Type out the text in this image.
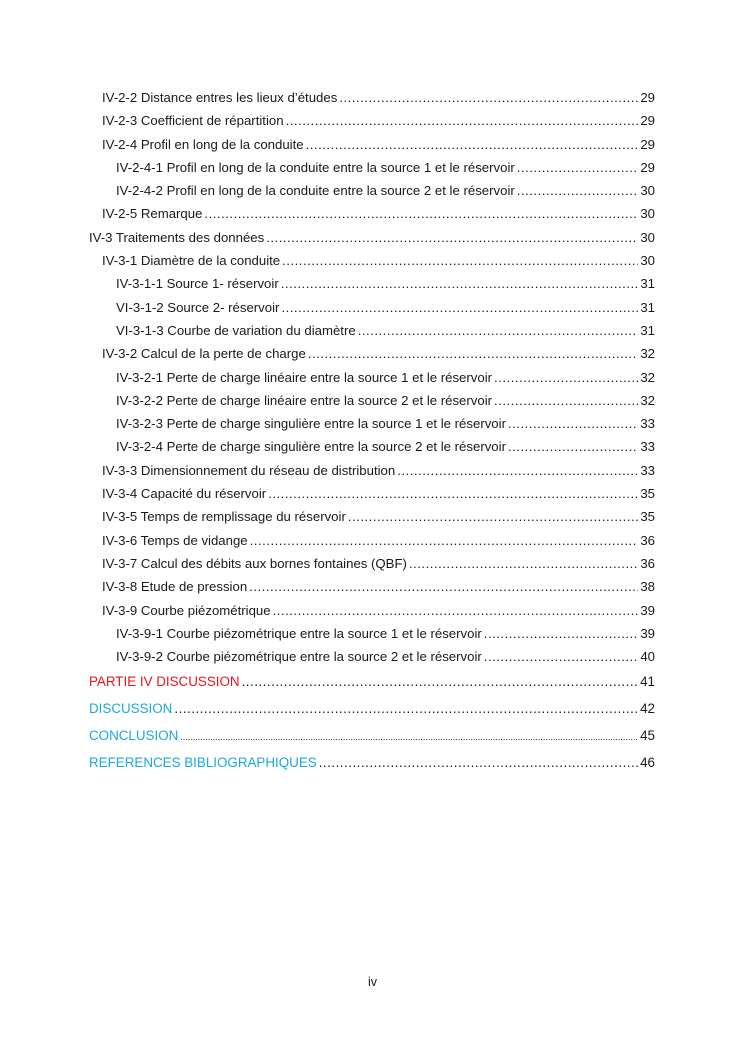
IV-2-2 Distance entres les lieux d’études .....	29
IV-2-3 Coefficient de répartition .....	29
IV-2-4 Profil en long de la conduite .....	29
IV-2-4-1 Profil en long de la conduite entre la source 1 et le réservoir .....	29
IV-2-4-2 Profil en long de la conduite entre la source 2 et le réservoir .....	30
IV-2-5 Remarque .....	30
IV-3 Traitements des données .....	30
IV-3-1 Diamètre de la conduite .....	30
IV-3-1-1 Source 1- réservoir .....	31
VI-3-1-2 Source 2- réservoir .....	31
VI-3-1-3 Courbe de variation du diamètre .....	31
IV-3-2 Calcul de la perte de charge .....	32
IV-3-2-1 Perte de charge linéaire entre la source 1 et le réservoir .....	32
IV-3-2-2 Perte de charge linéaire entre la source 2 et le réservoir .....	32
IV-3-2-3 Perte de charge singulière entre la source 1 et le réservoir .....	33
IV-3-2-4 Perte de charge singulière entre la source 2 et le réservoir .....	33
IV-3-3 Dimensionnement du réseau de distribution .....	33
IV-3-4 Capacité du réservoir .....	35
IV-3-5 Temps de remplissage du réservoir .....	35
IV-3-6 Temps de vidange .....	36
IV-3-7 Calcul des débits aux bornes fontaines (QBF) .....	36
IV-3-8 Etude de pression .....	38
IV-3-9 Courbe piézométrique .....	39
IV-3-9-1 Courbe piézométrique entre la source 1 et le réservoir .....	39
IV-3-9-2 Courbe piézométrique entre la source 2 et le réservoir .....	40
PARTIE IV DISCUSSION .....	41
DISCUSSION .....	42
CONCLUSION .....	45
REFERENCES BIBLIOGRAPHIQUES .....	46
iv
